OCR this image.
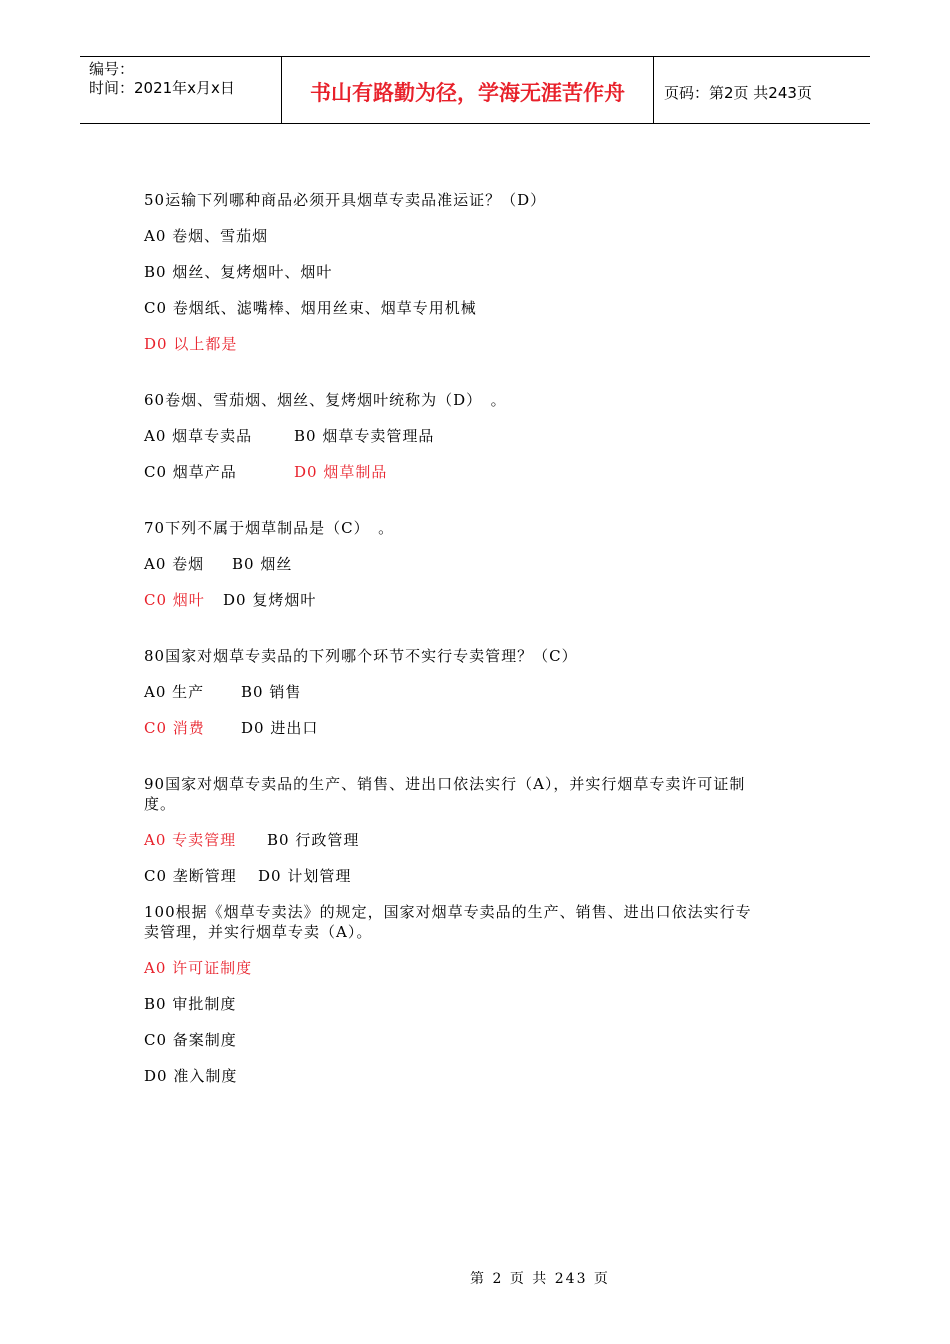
编号：
时间：2021年x月x日	书山有路勤为径，学海无涯苦作舟	页码：第2页 共243页
50运输下列哪种商品必须开具烟草专卖品准运证？（D）
A0 卷烟、雪茄烟
B0 烟丝、复烤烟叶、烟叶
C0 卷烟纸、滤嘴棒、烟用丝束、烟草专用机械
D0 以上都是
60卷烟、雪茄烟、烟丝、复烤烟叶统称为（D）　。
A0 烟草专卖品	B0 烟草专卖管理品
C0 烟草产品	D0 烟草制品
70下列不属于烟草制品是（C）　。
A0 卷烟 B0 烟丝
C0 烟叶 D0 复烤烟叶
80国家对烟草专卖品的下列哪个环节不实行专卖管理？（C）
A0 生产 B0 销售
C0 消费 D0 进出口
90国家对烟草专卖品的生产、销售、进出口依法实行（A），并实行烟草专卖许可证制
度。
A0 专卖管理 B0 行政管理
C0 垄断管理 D0 计划管理
100根据《烟草专卖法》的规定，国家对烟草专卖品的生产、销售、进出口依法实行专
卖管理，并实行烟草专卖（A）。
A0 许可证制度
B0 审批制度
C0 备案制度
D0 准入制度
第 2 页 共 243 页
